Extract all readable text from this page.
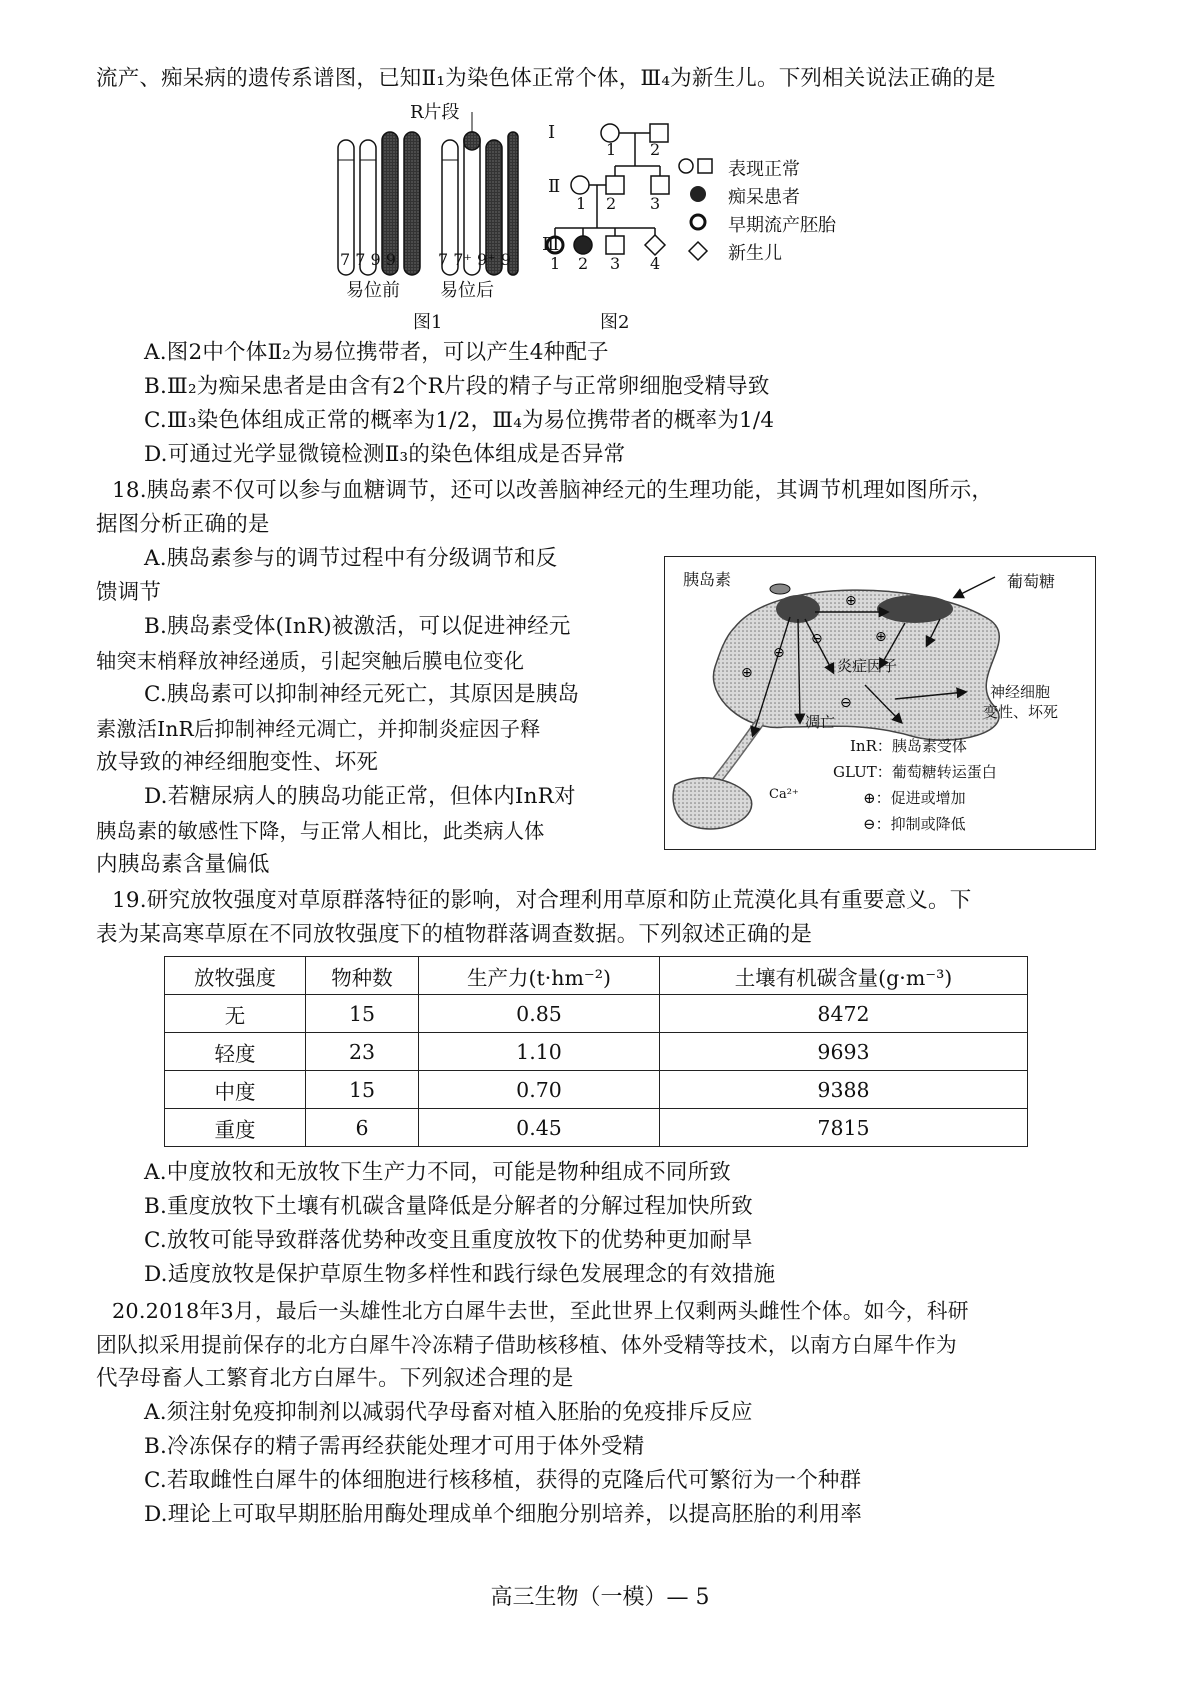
流产、痴呆病的遗传系谱图，已知Ⅱ₁为染色体正常个体，Ⅲ₄为新生儿。下列相关说法正确的是
R片段
7 7 9 9	7 7⁺ 9⁺ 9
易位前 易位后
图1
Ⅰ
Ⅱ
Ⅲ
1 2
1 2 3
1 2 3 4
图2
表现正常
痴呆患者
早期流产胚胎
新生儿
A.图2中个体Ⅱ₂为易位携带者，可以产生4种配子
B.Ⅲ₂为痴呆患者是由含有2个R片段的精子与正常卵细胞受精导致
C.Ⅲ₃染色体组成正常的概率为1/2，Ⅲ₄为易位携带者的概率为1/4
D.可通过光学显微镜检测Ⅱ₃的染色体组成是否异常
18.胰岛素不仅可以参与血糖调节，还可以改善脑神经元的生理功能，其调节机理如图所示，
据图分析正确的是
A.胰岛素参与的调节过程中有分级调节和反
馈调节
B.胰岛素受体(InR)被激活，可以促进神经元
轴突末梢释放神经递质，引起突触后膜电位变化
C.胰岛素可以抑制神经元死亡，其原因是胰岛
素激活InR后抑制神经元凋亡，并抑制炎症因子释
放导致的神经细胞变性、坏死
D.若糖尿病人的胰岛功能正常，但体内InR对
胰岛素的敏感性下降，与正常人相比，此类病人体
内胰岛素含量偏低
⊕
⊖
⊖
⊕
⊕
⊖
胰岛素	葡萄糖
炎症因子
凋亡
神经细胞
变性、坏死
Ca²⁺
InR：胰岛素受体
GLUT：葡萄糖转运蛋白
⊕：促进或增加
⊖：抑制或降低
19.研究放牧强度对草原群落特征的影响，对合理利用草原和防止荒漠化具有重要意义。下
表为某高寒草原在不同放牧强度下的植物群落调查数据。下列叙述正确的是
放牧强度	物种数	生产力(t·hm⁻²)	土壤有机碳含量(g·m⁻³)
无	15	0.85	8472
轻度	23	1.10	9693
中度	15	0.70	9388
重度	6	0.45	7815
A.中度放牧和无放牧下生产力不同，可能是物种组成不同所致
B.重度放牧下土壤有机碳含量降低是分解者的分解过程加快所致
C.放牧可能导致群落优势种改变且重度放牧下的优势种更加耐旱
D.适度放牧是保护草原生物多样性和践行绿色发展理念的有效措施
20.2018年3月，最后一头雄性北方白犀牛去世，至此世界上仅剩两头雌性个体。如今，科研
团队拟采用提前保存的北方白犀牛冷冻精子借助核移植、体外受精等技术，以南方白犀牛作为
代孕母畜人工繁育北方白犀牛。下列叙述合理的是
A.须注射免疫抑制剂以减弱代孕母畜对植入胚胎的免疫排斥反应
B.冷冻保存的精子需再经获能处理才可用于体外受精
C.若取雌性白犀牛的体细胞进行核移植，获得的克隆后代可繁衍为一个种群
D.理论上可取早期胚胎用酶处理成单个细胞分别培养，以提高胚胎的利用率
高三生物（一模）— 5
